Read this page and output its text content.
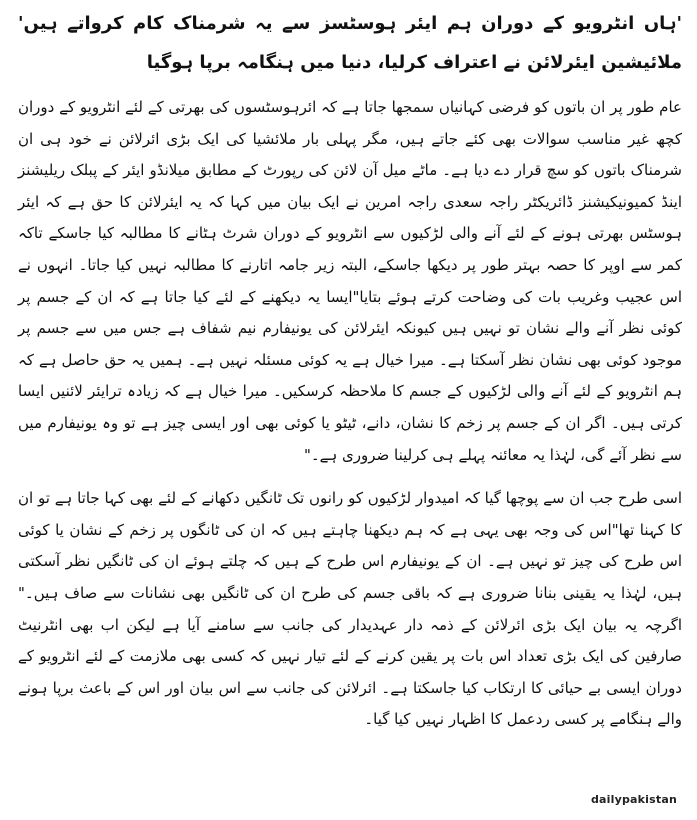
'ہاں انٹرویو کے دوران ہم ایئر ہوسٹسز سے یہ شرمناک کام کرواتے ہیں' ملائیشین ایئرلائن نے اعتراف کرلیا، دنیا میں ہنگامہ برپا ہوگیا
عام طور پر ان باتوں کو فرضی کہانیاں سمجھا جاتا ہے کہ ائرہوسٹسوں کی بھرتی کے لئے انٹرویو کے دوران کچھ غیر مناسب سوالات بھی کئے جاتے ہیں، مگر پہلی بار ملائشیا کی ایک بڑی ائرلائن نے خود ہی ان شرمناک باتوں کو سچ قرار دے دیا ہے۔ ماٹے میل آن لائن کی رپورٹ کے مطابق میلانڈو ایئر کے پبلک ریلیشنز اینڈ کمیونیکیشنز ڈائریکٹر راجہ سعدی راجہ امرین نے ایک بیان میں کہا کہ یہ ایئرلائن کا حق ہے کہ ایئر ہوسٹس بھرتی ہونے کے لئے آنے والی لڑکیوں سے انٹرویو کے دوران شرٹ ہٹانے کا مطالبہ کیا جاسکے تاکہ کمر سے اوپر کا حصہ بہتر طور پر دیکھا جاسکے، البتہ زیر جامہ اتارنے کا مطالبہ نہیں کیا جاتا۔ انہوں نے اس عجیب وغریب بات کی وضاحت کرتے ہوئے بتایا"ایسا یہ دیکھنے کے لئے کیا جاتا ہے کہ ان کے جسم پر کوئی نظر آنے والے نشان تو نہیں ہیں کیونکہ ایئرلائن کی یونیفارم نیم شفاف ہے جس میں سے جسم پر موجود کوئی بھی نشان نظر آسکتا ہے۔ میرا خیال ہے یہ کوئی مسئلہ نہیں ہے۔ ہمیں یہ حق حاصل ہے کہ ہم انٹرویو کے لئے آنے والی لڑکیوں کے جسم کا ملاحظہ کرسکیں۔ میرا خیال ہے کہ زیادہ ترایئر لائنیں ایسا کرتی ہیں۔ اگر ان کے جسم پر زخم کا نشان، دانے، ٹیٹو یا کوئی بھی اور ایسی چیز ہے تو وہ یونیفارم میں سے نظر آئے گی، لہٰذا یہ معائنہ پہلے ہی کرلینا ضروری ہے۔"
اسی طرح جب ان سے پوچھا گیا کہ امیدوار لڑکیوں کو رانوں تک ٹانگیں دکھانے کے لئے بھی کہا جاتا ہے تو ان کا کہنا تھا"اس کی وجہ بھی یہی ہے کہ ہم دیکھنا چاہتے ہیں کہ ان کی ٹانگوں پر زخم کے نشان یا کوئی اس طرح کی چیز تو نہیں ہے۔ ان کے یونیفارم اس طرح کے ہیں کہ چلتے ہوئے ان کی ٹانگیں نظر آسکتی ہیں، لہٰذا یہ یقینی بنانا ضروری ہے کہ باقی جسم کی طرح ان کی ٹانگیں بھی نشانات سے صاف ہیں۔" اگرچہ یہ بیان ایک بڑی ائرلائن کے ذمہ دار عہدیدار کی جانب سے سامنے آیا ہے لیکن اب بھی انٹرنیٹ صارفین کی ایک بڑی تعداد اس بات پر یقین کرنے کے لئے تیار نہیں کہ کسی بھی ملازمت کے لئے انٹرویو کے دوران ایسی بے حیائی کا ارتکاب کیا جاسکتا ہے۔ ائرلائن کی جانب سے اس بیان اور اس کے باعث برپا ہونے والے ہنگامے پر کسی ردعمل کا اظہار نہیں کیا گیا۔
dailypakistan
